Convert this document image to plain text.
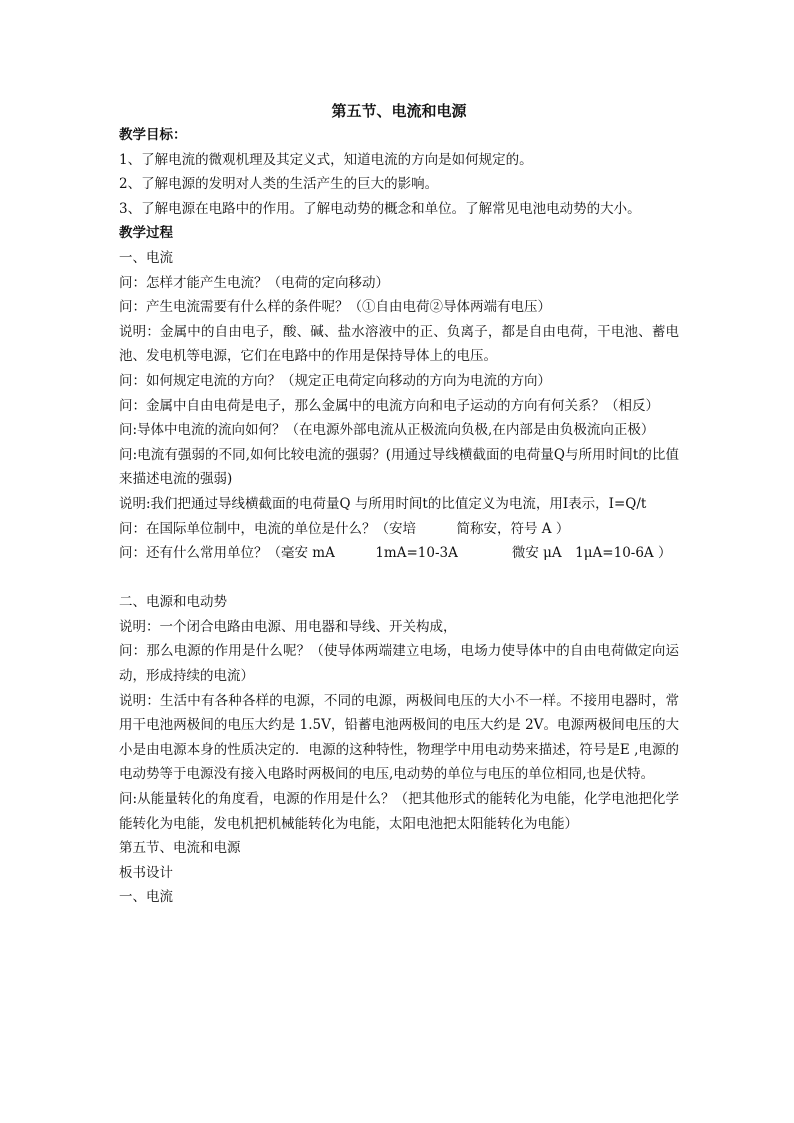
第五节、电流和电源

教学目标：

1、了解电流的微观机理及其定义式，知道电流的方向是如何规定的。

2、了解电源的发明对人类的生活产生的巨大的影响。

3、了解电源在电路中的作用。了解电动势的概念和单位。了解常见电池电动势的大小。

教学过程

一、电流

问：怎样才能产生电流？（电荷的定向移动）

问：产生电流需要有什么样的条件呢？（①自由电荷②导体两端有电压）

说明：金属中的自由电子，酸、碱、盐水溶液中的正、负离子，都是自由电荷，干电池、蓄电池、发电机等电源，它们在电路中的作用是保持导体上的电压。

问：如何规定电流的方向？（规定正电荷定向移动的方向为电流的方向）

问：金属中自由电荷是电子，那么金属中的电流方向和电子运动的方向有何关系？（相反）

问:导体中电流的流向如何？（在电源外部电流从正极流向负极,在内部是由负极流向正极）

问:电流有强弱的不同,如何比较电流的强弱？(用通过导线横截面的电荷量Q与所用时间t的比值来描述电流的强弱)

说明:我们把通过导线横截面的电荷量Q 与所用时间t的比值定义为电流，用I表示，I=Q/t

问：在国际单位制中，电流的单位是什么？（安培　　　简称安，符号 A ）

问：还有什么常用单位？（毫安 mA　　　1mA=10-3A　　　　微安 μA　1μA=10-6A ）

二、电源和电动势

说明：一个闭合电路由电源、用电器和导线、开关构成，

问：那么电源的作用是什么呢？（使导体两端建立电场，电场力使导体中的自由电荷做定向运动，形成持续的电流）

说明：生活中有各种各样的电源，不同的电源，两极间电压的大小不一样。不接用电器时，常用干电池两极间的电压大约是 1.5V，铅蓄电池两极间的电压大约是 2V。电源两极间电压的大小是由电源本身的性质决定的．电源的这种特性，物理学中用电动势来描述，符号是E ,电源的电动势等于电源没有接入电路时两极间的电压,电动势的单位与电压的单位相同,也是伏特。

问:从能量转化的角度看，电源的作用是什么？（把其他形式的能转化为电能，化学电池把化学能转化为电能，发电机把机械能转化为电能，太阳电池把太阳能转化为电能）

第五节、电流和电源

板书设计

一、电流
